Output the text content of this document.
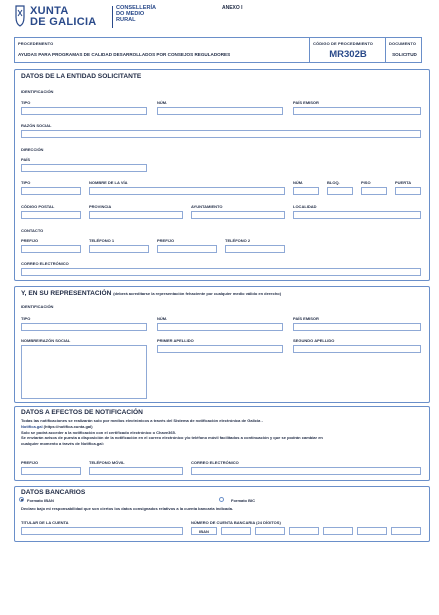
XUNTA
DE GALICIA
CONSELLERÍA
DO MEDIO
RURAL
ANEXO I
PROCEDEMENTO
AYUDAS PARA PROGRAMAS DE CALIDAD DESARROLLADOS POR CONSEJOS REGULADORES
CÓDIGO DE PROCEDIMIENTO
MR302B
DOCUMENTO
SOLICITUD
DATOS DE LA ENTIDAD SOLICITANTE
IDENTIFICACIÓN
TIPO	NÚM.	PAÍS EMISOR
RAZÓN SOCIAL
DIRECCIÓN
PAÍS
TIPO	NOMBRE DE LA VÍA	NÚM.	BLOQ.	PISO	PUERTA
CÓDIGO POSTAL	PROVINCIA	AYUNTAMIENTO	LOCALIDAD
CONTACTO
PREFIJO	TELÉFONO 1	PREFIJO	TELÉFONO 2
CORREO ELECTRÓNICO
Y, EN SU REPRESENTACIÓN (deberá acreditarse la representación fehaciente por cualquier medio válido en derecho)
IDENTIFICACIÓN
TIPO	NÚM.	PAÍS EMISOR
NOMBRE/RAZÓN SOCIAL	PRIMER APELLIDO	SEGUNDO APELLIDO
DATOS A EFECTOS DE NOTIFICACIÓN
Todas las notificaciones se realizarán solo por medios electrónicos a través del Sistema de notificación electrónica de Galicia -
Notifica.gal (https://notifica.xunta.gal)
Solo se podrá acceder a la notificación con el certificado electrónico o Chave365.
Se enviarán avisos de puesta a disposición de la notificación en el correo electrónico y/o teléfono móvil facilitados a continuación y que se podrán cambiar en
cualquier momento a través de Notifica.gal:
PREFIJO	TELÉFONO MÓVIL	CORREO ELECTRÓNICO
DATOS BANCARIOS
Formato IBAN	Formato BIC
Declaro bajo mi responsabilidad que son ciertos los datos consignados relativos a la cuenta bancaria indicada.
TITULAR DE LA CUENTA	NÚMERO DE CUENTA BANCARIA (24 DÍGITOS)
IBAN
